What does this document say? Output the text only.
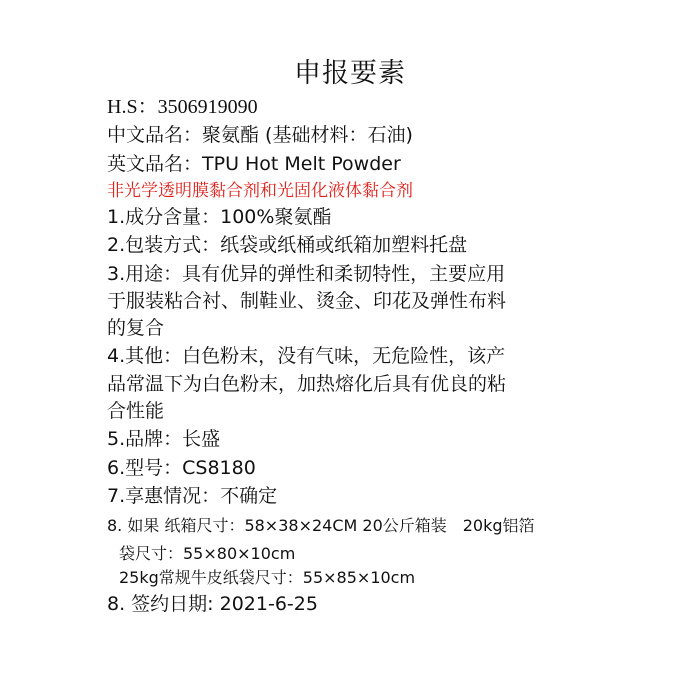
申报要素
H.S：3506919090
中文品名：聚氨酯 (基础材料：石油)
英文品名：TPU Hot Melt Powder
非光学透明膜黏合剂和光固化液体黏合剂
1.成分含量：100%聚氨酯
2.包装方式：纸袋或纸桶或纸箱加塑料托盘
3.用途：具有优异的弹性和柔韧特性，主要应用
于服装粘合衬、制鞋业、烫金、印花及弹性布料
的复合
4.其他：白色粉末，没有气味，无危险性，该产
品常温下为白色粉末，加热熔化后具有优良的粘
合性能
5.品牌：长盛
6.型号：CS8180
7.享惠情况：不确定
8. 如果 纸箱尺寸：58×38×24CM 20公斤箱装　20kg铝箔
袋尺寸：55×80×10cm
25kg常规牛皮纸袋尺寸：55×85×10cm
8. 签约日期: 2021-6-25
